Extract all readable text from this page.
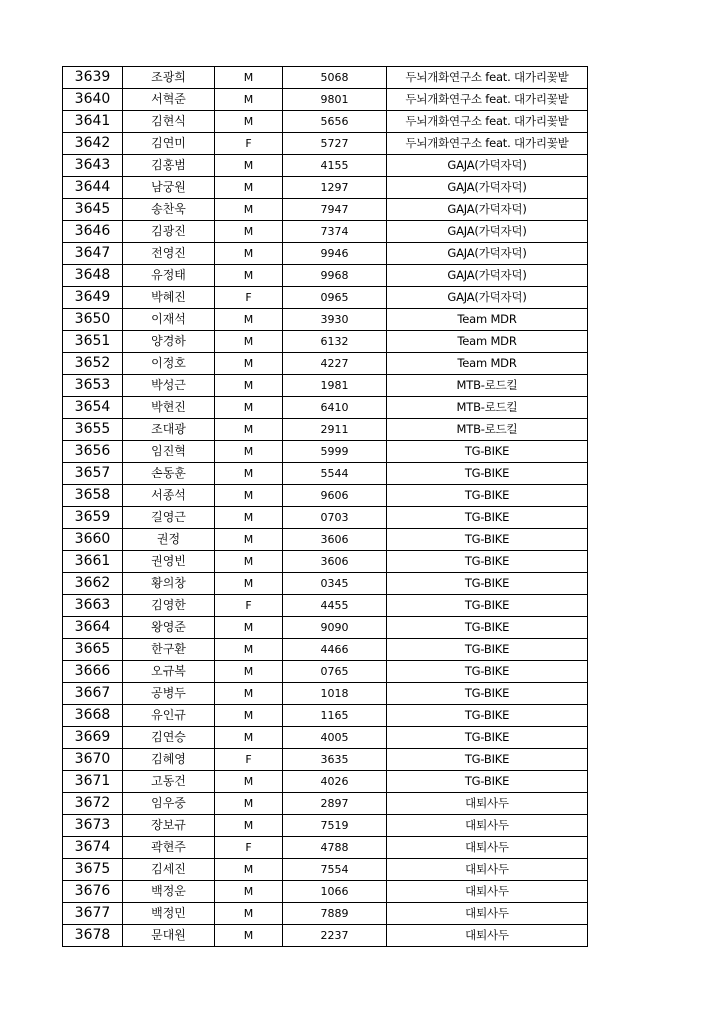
3639	조광희	M	5068	두뇌개화연구소 feat. 대가리꽃밭
3640	서혁준	M	9801	두뇌개화연구소 feat. 대가리꽃밭
3641	김현식	M	5656	두뇌개화연구소 feat. 대가리꽃밭
3642	김연미	F	5727	두뇌개화연구소 feat. 대가리꽃밭
3643	김홍범	M	4155	GAJA(가덕자덕)
3644	남궁원	M	1297	GAJA(가덕자덕)
3645	송찬욱	M	7947	GAJA(가덕자덕)
3646	김광진	M	7374	GAJA(가덕자덕)
3647	전영진	M	9946	GAJA(가덕자덕)
3648	유정태	M	9968	GAJA(가덕자덕)
3649	박혜진	F	0965	GAJA(가덕자덕)
3650	이재석	M	3930	Team MDR
3651	양경하	M	6132	Team MDR
3652	이정호	M	4227	Team MDR
3653	박성근	M	1981	MTB-로드킬
3654	박현진	M	6410	MTB-로드킬
3655	조대광	M	2911	MTB-로드킬
3656	임진혁	M	5999	TG-BIKE
3657	손동훈	M	5544	TG-BIKE
3658	서종석	M	9606	TG-BIKE
3659	길영근	M	0703	TG-BIKE
3660	권정	M	3606	TG-BIKE
3661	권영빈	M	3606	TG-BIKE
3662	황의창	M	0345	TG-BIKE
3663	김영한	F	4455	TG-BIKE
3664	왕영준	M	9090	TG-BIKE
3665	한구환	M	4466	TG-BIKE
3666	오규복	M	0765	TG-BIKE
3667	공병두	M	1018	TG-BIKE
3668	유인규	M	1165	TG-BIKE
3669	김연승	M	4005	TG-BIKE
3670	김혜영	F	3635	TG-BIKE
3671	고동건	M	4026	TG-BIKE
3672	임우중	M	2897	대퇴사두
3673	장보규	M	7519	대퇴사두
3674	곽현주	F	4788	대퇴사두
3675	김세진	M	7554	대퇴사두
3676	백정운	M	1066	대퇴사두
3677	백정민	M	7889	대퇴사두
3678	문대원	M	2237	대퇴사두
